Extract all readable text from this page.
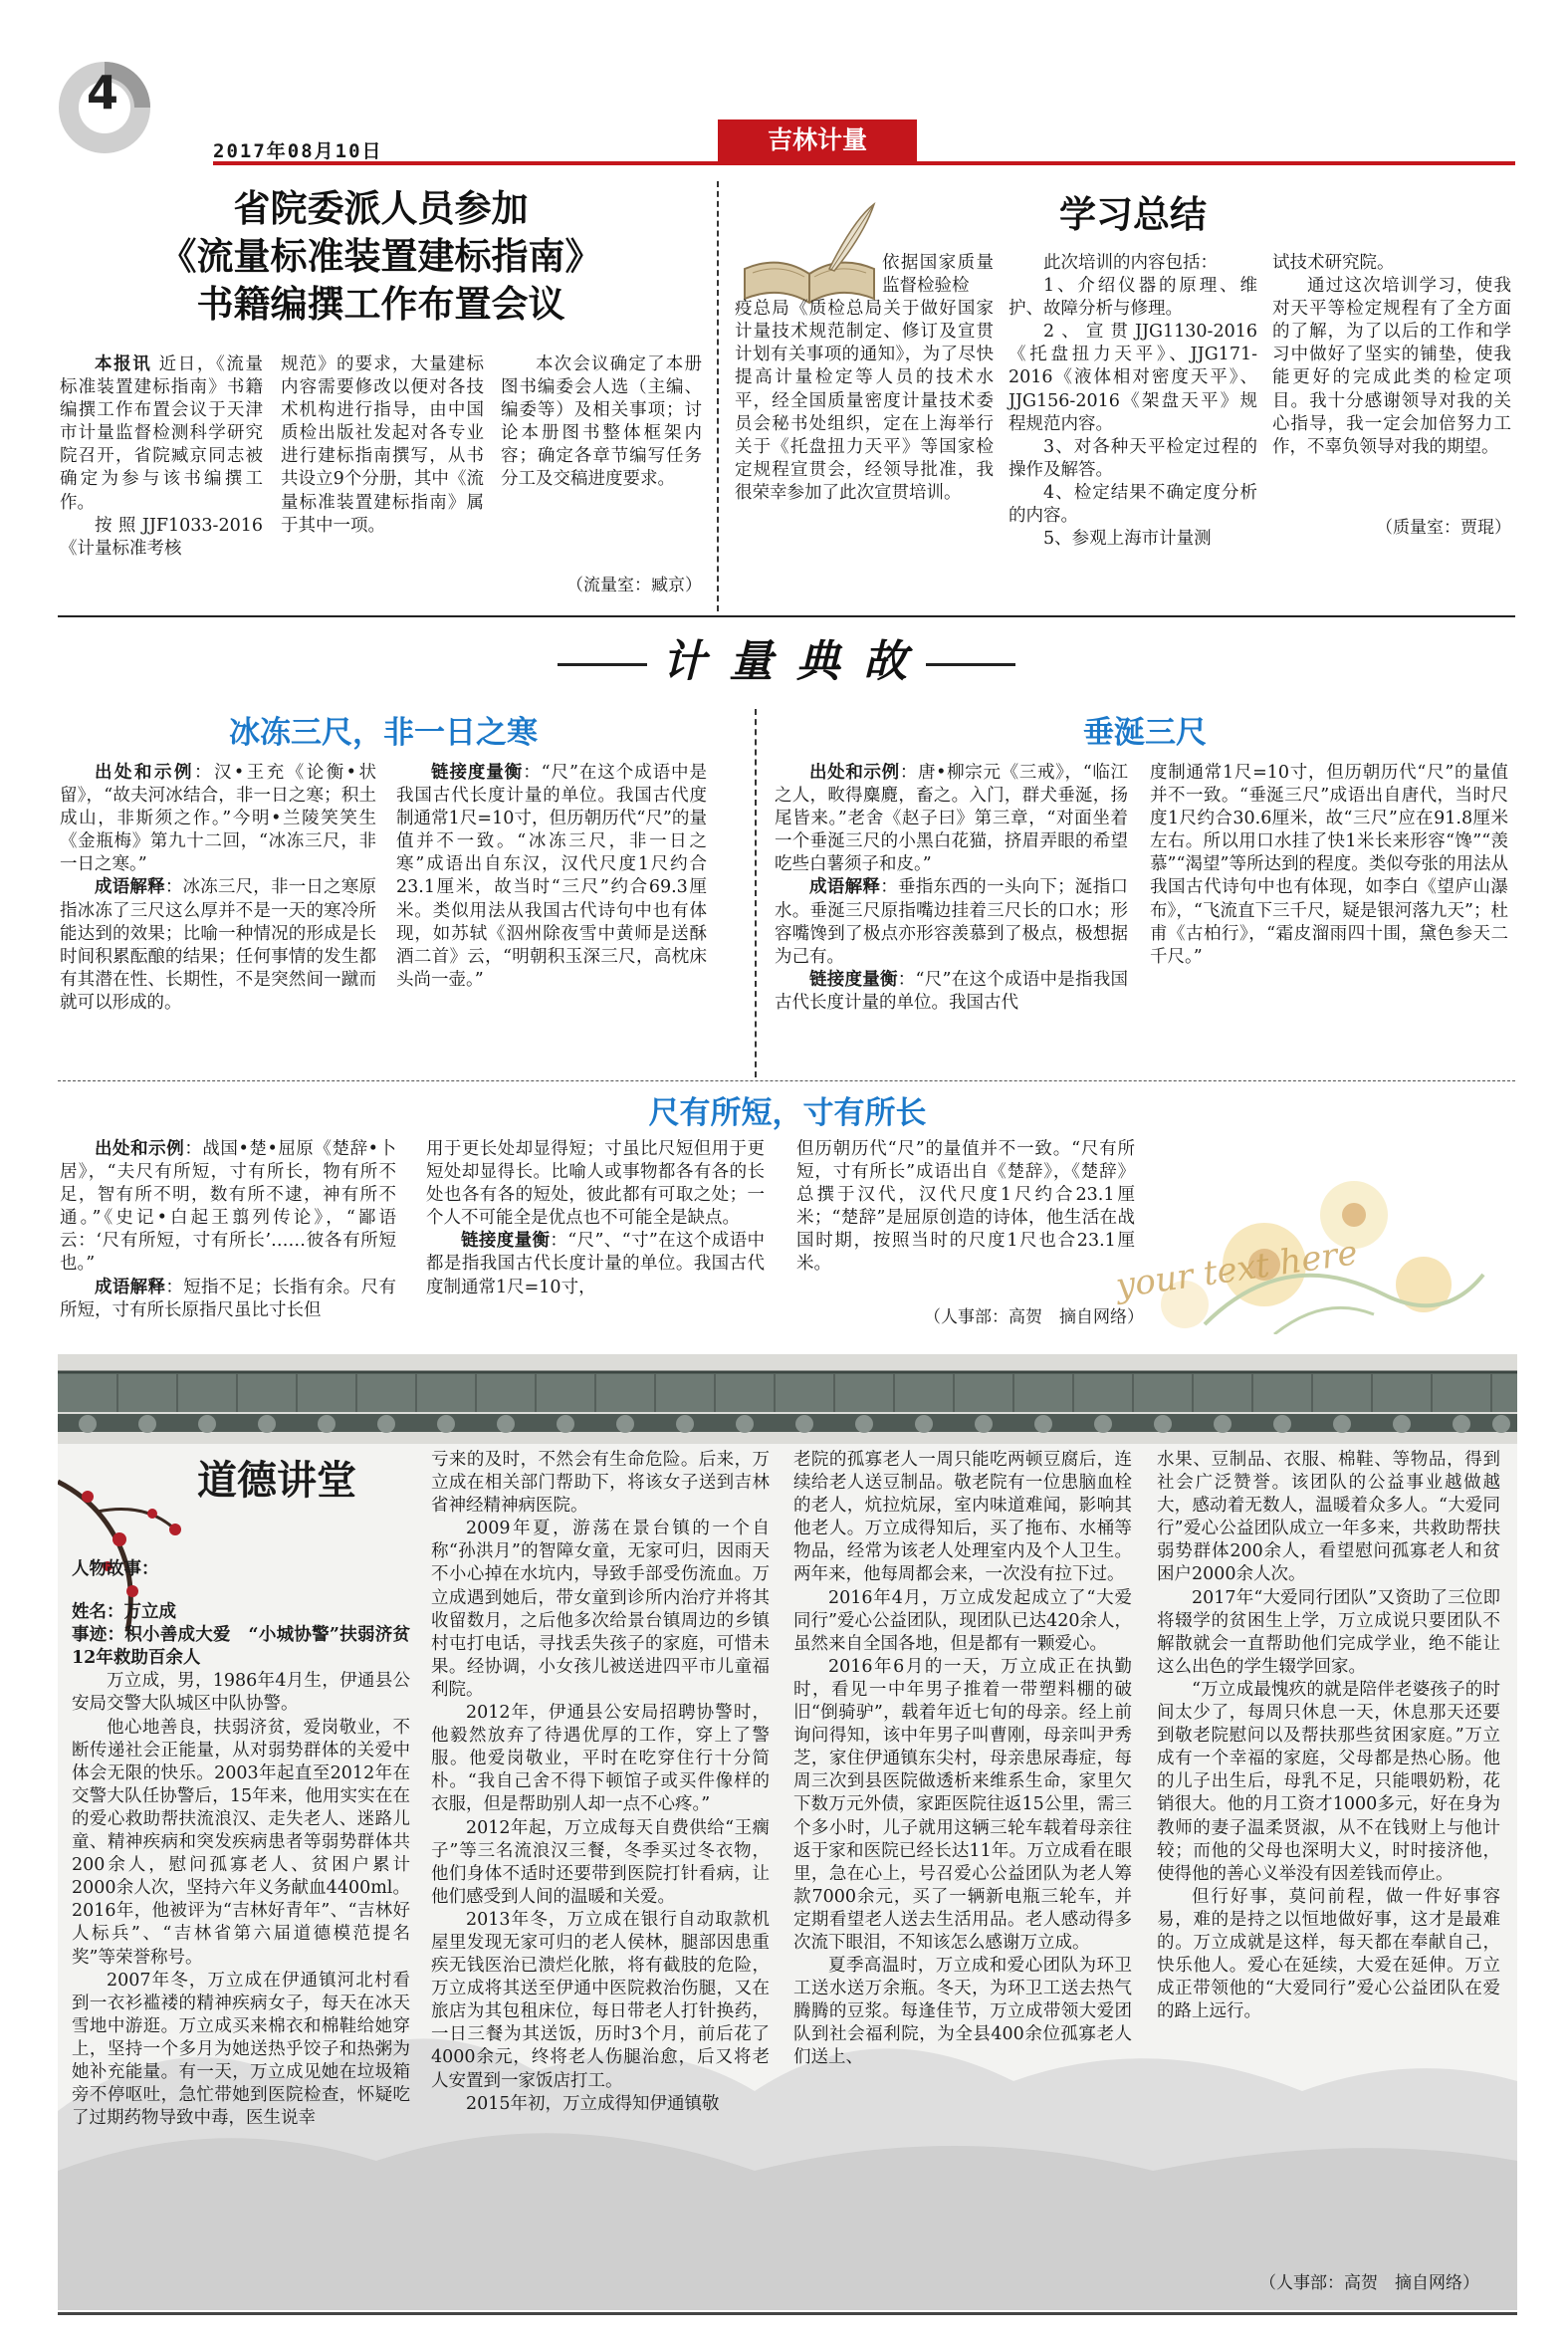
4
2017年08月10日	吉林计量
省院委派人员参加
《流量标准装置建标指南》
书籍编撰工作布置会议

本报讯 近日，《流量标准装置建标指南》书籍编撰工作布置会议于天津市计量监督检测科学研究院召开，省院臧京同志被确定为参与该书编撰工作。

按照JJF1033-2016《计量标准考核

规范》的要求，大量建标内容需要修改以便对各技术机构进行指导，由中国质检出版社发起对各专业进行建标指南撰写，从书共设立9个分册，其中《流量标准装置建标指南》属于其中一项。

本次会议确定了本册图书编委会人选（主编、编委等）及相关事项；讨论本册图书整体框架内容；确定各章节编写任务分工及交稿进度要求。

（流量室：臧京）
学习总结

依据国家质量监督检验检

疫总局《质检总局关于做好国家计量技术规范制定、修订及宣贯计划有关事项的通知》，为了尽快提高计量检定等人员的技术水平，经全国质量密度计量技术委员会秘书处组织，定在上海举行关于《托盘扭力天平》等国家检定规程宣贯会，经领导批准，我很荣幸参加了此次宣贯培训。

此次培训的内容包括：

1、介绍仪器的原理、维护、故障分析与修理。

2、宣贯JJG1130-2016《托盘扭力天平》、JJG171-2016《液体相对密度天平》、JJG156-2016《架盘天平》规程规范内容。

3、对各种天平检定过程的操作及解答。

4、检定结果不确定度分析的内容。

5、参观上海市计量测

试技术研究院。

通过这次培训学习，使我对天平等检定规程有了全方面的了解，为了以后的工作和学习中做好了坚实的铺垫，使我能更好的完成此类的检定项目。我十分感谢领导对我的关心指导，我一定会加倍努力工作，不辜负领导对我的期望。

（质量室：贾琨）
计 量 典 故
冰冻三尺，非一日之寒

出处和示例：汉•王充《论衡•状留》，“故夫河冰结合，非一日之寒；积土成山，非斯须之作。”今明•兰陵笑笑生《金瓶梅》第九十二回，“冰冻三尺，非一日之寒。”

成语解释：冰冻三尺，非一日之寒原指冰冻了三尺这么厚并不是一天的寒冷所能达到的效果；比喻一种情况的形成是长时间积累酝酿的结果；任何事情的发生都有其潜在性、长期性，不是突然间一蹴而就可以形成的。

链接度量衡：“尺”在这个成语中是我国古代长度计量的单位。我国古代度制通常1尺=10寸，但历朝历代“尺”的量值并不一致。“冰冻三尺，非一日之寒”成语出自东汉，汉代尺度1尺约合23.1厘米，故当时“三尺”约合69.3厘米。类似用法从我国古代诗句中也有体现，如苏轼《泅州除夜雪中黄师是送酥酒二首》云，“明朝积玉深三尺，高枕床头尚一壶。”

垂涎三尺

出处和示例：唐•柳宗元《三戒》，“临江之人，畋得麋麑，畜之。入门，群犬垂涎，扬尾皆来。”老舍《赵子曰》第三章，“对面坐着一个垂涎三尺的小黑白花猫，挤眉弄眼的希望吃些白薯须子和皮。”

成语解释：垂指东西的一头向下；涎指口水。垂涎三尺原指嘴边挂着三尺长的口水；形容嘴馋到了极点亦形容羡慕到了极点，极想据为己有。

链接度量衡：“尺”在这个成语中是指我国古代长度计量的单位。我国古代

度制通常1尺=10寸，但历朝历代“尺”的量值并不一致。“垂涎三尺”成语出自唐代，当时尺度1尺约合30.6厘米，故“三尺”应在91.8厘米左右。所以用口水挂了快1米长来形容“馋”“羡慕”“渴望”等所达到的程度。类似夸张的用法从我国古代诗句中也有体现，如李白《望庐山瀑布》，“飞流直下三千尺，疑是银河落九天”；杜甫《古柏行》，“霜皮溜雨四十围，黛色参天二千尺。”

尺有所短，寸有所长

出处和示例：战国•楚•屈原《楚辞•卜居》，“夫尺有所短，寸有所长，物有所不足，智有所不明，数有所不逮，神有所不通。”《史记•白起王翦列传论》，“鄙语云：‘尺有所短，寸有所长’……彼各有所短也。”

成语解释：短指不足；长指有余。尺有所短，寸有所长原指尺虽比寸长但

用于更长处却显得短；寸虽比尺短但用于更短处却显得长。比喻人或事物都各有各的长处也各有各的短处，彼此都有可取之处；一个人不可能全是优点也不可能全是缺点。

链接度量衡：“尺”、“寸”在这个成语中都是指我国古代长度计量的单位。我国古代度制通常1尺=10寸，	your text here

但历朝历代“尺”的量值并不一致。“尺有所短，寸有所长”成语出自《楚辞》，《楚辞》总撰于汉代，汉代尺度1尺约合23.1厘米；“楚辞”是屈原创造的诗体，他生活在战国时期，按照当时的尺度1尺也合23.1厘米。

（人事部：高贺　摘自网络）
道德讲堂

人物故事：

姓名：万立成

事迹：积小善成大爱　“小城协警”扶弱济贫12年救助百余人

万立成，男，1986年4月生，伊通县公安局交警大队城区中队协警。

他心地善良，扶弱济贫，爱岗敬业，不断传递社会正能量，从对弱势群体的关爱中体会无限的快乐。2003年起直至2012年在交警大队任协警后，15年来，他用实实在在的爱心救助帮扶流浪汉、走失老人、迷路儿童、精神疾病和突发疾病患者等弱势群体共200余人，慰问孤寡老人、贫困户累计2000余人次，坚持六年义务献血4400ml。2016年，他被评为“吉林好青年”、“吉林好人标兵”、“吉林省第六届道德模范提名奖”等荣誉称号。

2007年冬，万立成在伊通镇河北村看到一衣衫褴褛的精神疾病女子，每天在冰天雪地中游逛。万立成买来棉衣和棉鞋给她穿上，坚持一个多月为她送热乎饺子和热粥为她补充能量。有一天，万立成见她在垃圾箱旁不停呕吐，急忙带她到医院检查，怀疑吃了过期药物导致中毒，医生说幸

亏来的及时，不然会有生命危险。后来，万立成在相关部门帮助下，将该女子送到吉林省神经精神病医院。

2009年夏，游荡在景台镇的一个自称“孙洪月”的智障女童，无家可归，因雨天不小心掉在水坑内，导致手部受伤流血。万立成遇到她后，带女童到诊所内治疗并将其收留数月，之后他多次给景台镇周边的乡镇村屯打电话，寻找丢失孩子的家庭，可惜未果。经协调，小女孩儿被送进四平市儿童福利院。

2012年，伊通县公安局招聘协警时，他毅然放弃了待遇优厚的工作，穿上了警服。他爱岗敬业，平时在吃穿住行十分简朴。“我自己舍不得下顿馆子或买件像样的衣服，但是帮助别人却一点不心疼。”

2012年起，万立成每天自费供给“王瘸子”等三名流浪汉三餐，冬季买过冬衣物，他们身体不适时还要带到医院打针看病，让他们感受到人间的温暖和关爱。

2013年冬，万立成在银行自动取款机屋里发现无家可归的老人侯林，腿部因患重疾无钱医治已溃烂化脓，将有截肢的危险，万立成将其送至伊通中医院救治伤腿，又在旅店为其包租床位，每日带老人打针换药，一日三餐为其送饭，历时3个月，前后花了4000余元，终将老人伤腿治愈，后又将老人安置到一家饭店打工。

2015年初，万立成得知伊通镇敬

老院的孤寡老人一周只能吃两顿豆腐后，连续给老人送豆制品。敬老院有一位患脑血栓的老人，炕拉炕尿，室内味道难闻，影响其他老人。万立成得知后，买了拖布、水桶等物品，经常为该老人处理室内及个人卫生。两年来，他每周都会来，一次没有拉下过。

2016年4月，万立成发起成立了“大爱同行”爱心公益团队，现团队已达420余人，虽然来自全国各地，但是都有一颗爱心。

2016年6月的一天，万立成正在执勤时，看见一中年男子推着一带塑料棚的破旧“倒骑驴”，载着年近七旬的母亲。经上前询问得知，该中年男子叫曹刚，母亲叫尹秀芝，家住伊通镇东尖村，母亲患尿毒症，每周三次到县医院做透析来维系生命，家里欠下数万元外债，家距医院往返15公里，需三个多小时，儿子就用这辆三轮车载着母亲往返于家和医院已经长达11年。万立成看在眼里，急在心上，号召爱心公益团队为老人筹款7000余元，买了一辆新电瓶三轮车，并定期看望老人送去生活用品。老人感动得多次流下眼泪，不知该怎么感谢万立成。

夏季高温时，万立成和爱心团队为环卫工送水送万余瓶。冬天，为环卫工送去热气腾腾的豆浆。每逢佳节，万立成带领大爱团队到社会福利院，为全县400余位孤寡老人们送上、

水果、豆制品、衣服、棉鞋、等物品，得到社会广泛赞誉。该团队的公益事业越做越大，感动着无数人，温暖着众多人。“大爱同行”爱心公益团队成立一年多来，共救助帮扶弱势群体200余人，看望慰问孤寡老人和贫困户2000余人次。

2017年“大爱同行团队”又资助了三位即将辍学的贫困生上学，万立成说只要团队不解散就会一直帮助他们完成学业，绝不能让这么出色的学生辍学回家。

“万立成最愧疚的就是陪伴老婆孩子的时间太少了，每周只休息一天，休息那天还要到敬老院慰问以及帮扶那些贫困家庭。”万立成有一个幸福的家庭，父母都是热心肠。他的儿子出生后，母乳不足，只能喂奶粉，花销很大。他的月工资才1000多元，好在身为教师的妻子温柔贤淑，从不在钱财上与他计较；而他的父母也深明大义，时时接济他，使得他的善心义举没有因差钱而停止。

但行好事，莫问前程，做一件好事容易，难的是持之以恒地做好事，这才是最难的。万立成就是这样，每天都在奉献自己，快乐他人。爱心在延续，大爱在延伸。万立成正带领他的“大爱同行”爱心公益团队在爱的路上远行。

（人事部：高贺　摘自网络）
